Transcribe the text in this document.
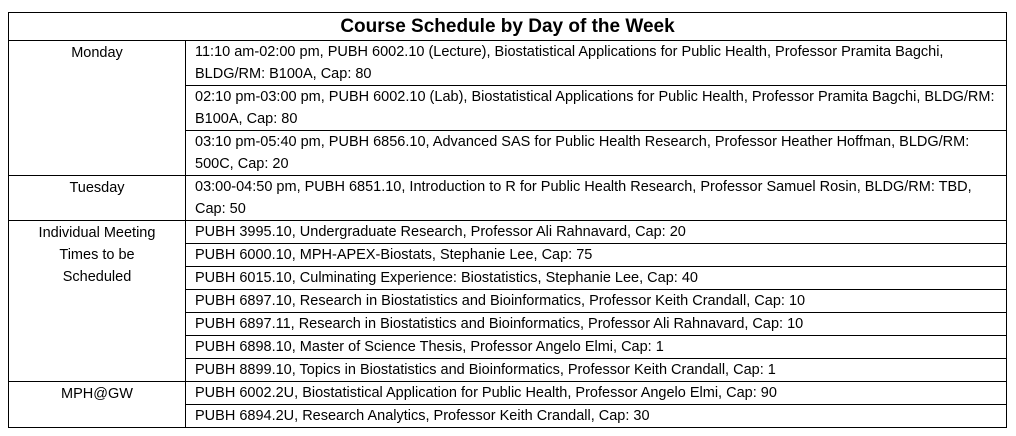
Course Schedule by Day of the Week	

Monday	11:10 am-02:00 pm, PUBH 6002.10 (Lecture), Biostatistical Applications for Public Health, Professor Pramita Bagchi, BLDG/RM: B100A, Cap: 80
	02:10 pm-03:00 pm, PUBH 6002.10 (Lab), Biostatistical Applications for Public Health, Professor Pramita Bagchi, BLDG/RM: B100A, Cap: 80
	03:10 pm-05:40 pm, PUBH 6856.10, Advanced SAS for Public Health Research, Professor Heather Hoffman, BLDG/RM: 500C, Cap: 20

Tuesday	03:00-04:50 pm, PUBH 6851.10, Introduction to R for Public Health Research, Professor Samuel Rosin, BLDG/RM: TBD, Cap: 50

Individual Meeting
Times to be
Scheduled	PUBH 3995.10, Undergraduate Research, Professor Ali Rahnavard, Cap: 20
	PUBH 6000.10, MPH-APEX-Biostats, Stephanie Lee, Cap: 75
	PUBH 6015.10, Culminating Experience: Biostatistics, Stephanie Lee, Cap: 40
	PUBH 6897.10, Research in Biostatistics and Bioinformatics, Professor Keith Crandall, Cap: 10
	PUBH 6897.11, Research in Biostatistics and Bioinformatics, Professor Ali Rahnavard, Cap: 10
	PUBH 6898.10, Master of Science Thesis, Professor Angelo Elmi, Cap: 1
	PUBH 8899.10, Topics in Biostatistics and Bioinformatics, Professor Keith Crandall, Cap: 1

MPH@GW	PUBH 6002.2U, Biostatistical Application for Public Health, Professor Angelo Elmi, Cap: 90
	PUBH 6894.2U, Research Analytics, Professor Keith Crandall, Cap: 30
